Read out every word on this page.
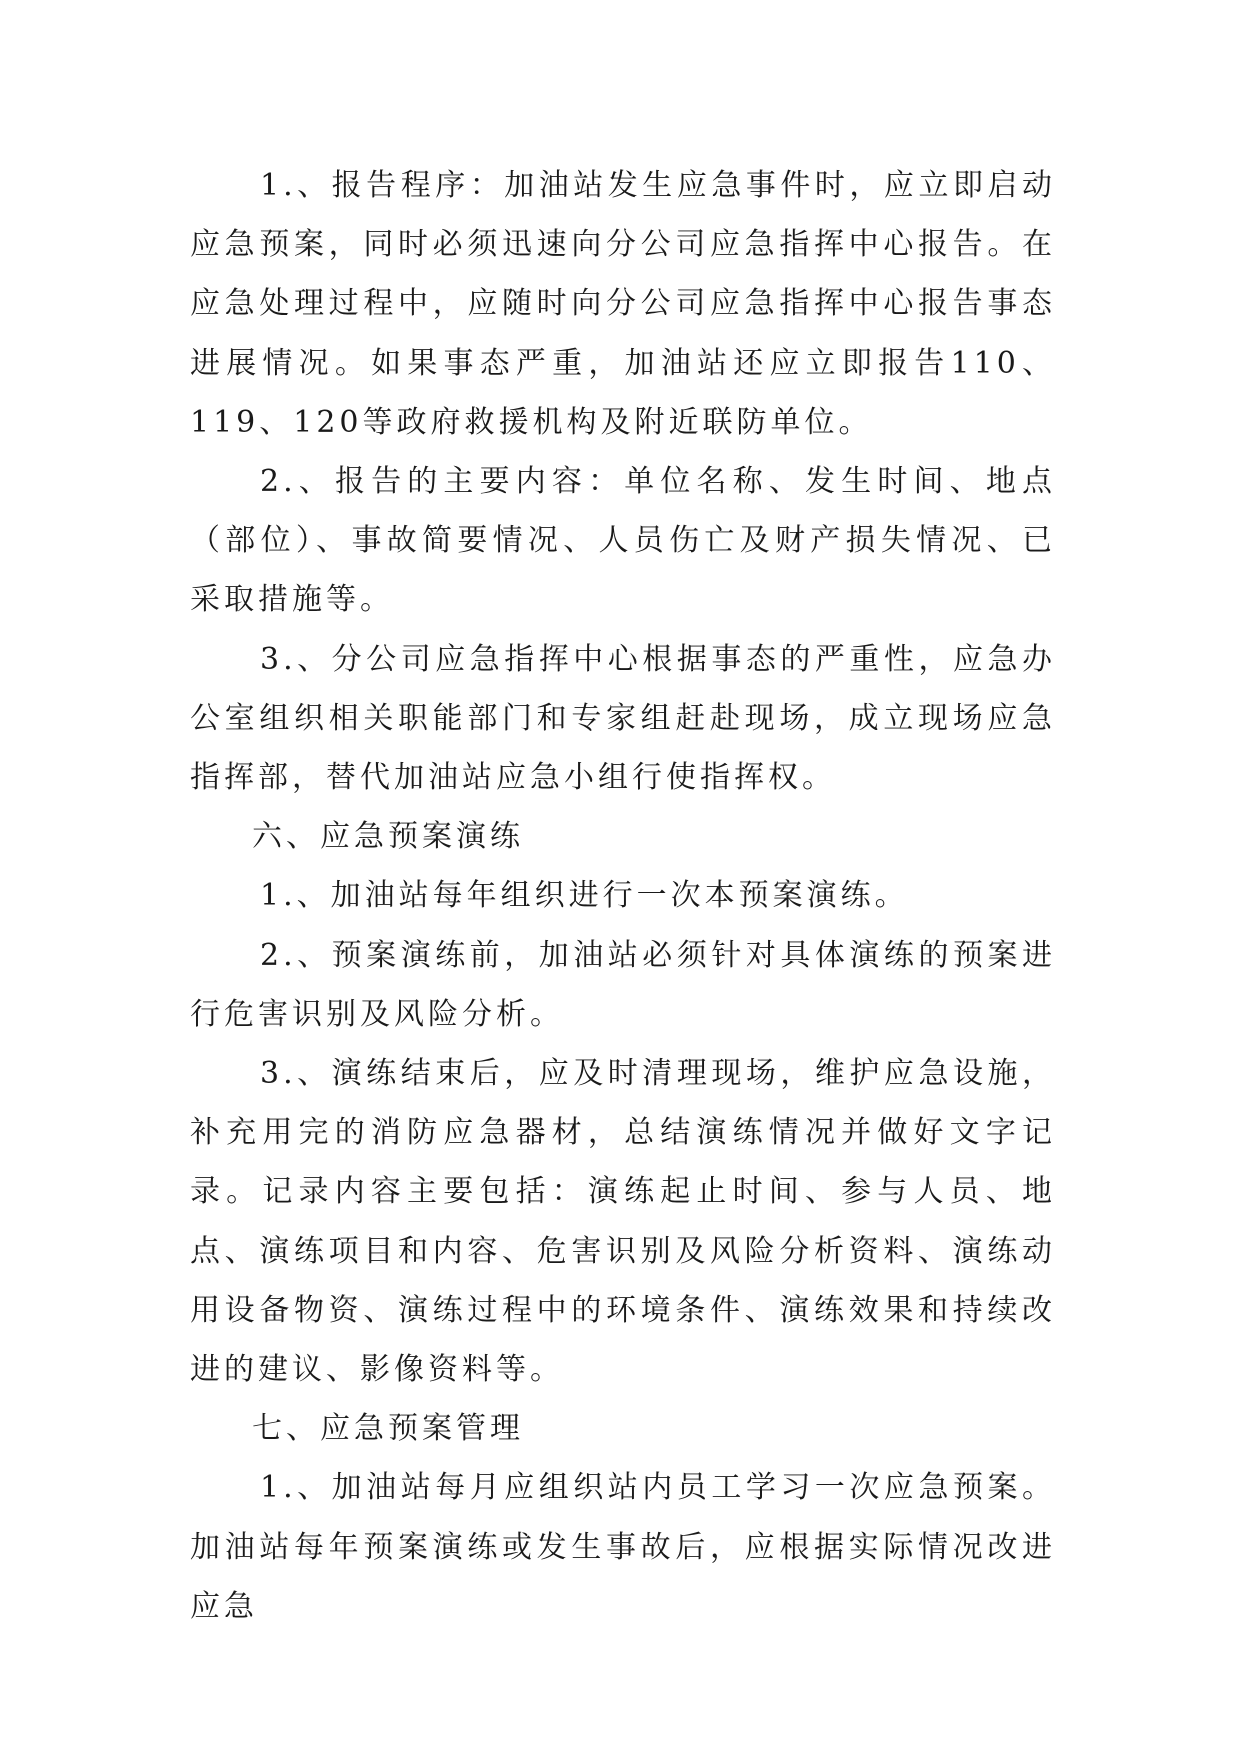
1.、报告程序：加油站发生应急事件时，应立即启动应急预案，同时必须迅速向分公司应急指挥中心报告。在应急处理过程中，应随时向分公司应急指挥中心报告事态进展情况。如果事态严重，加油站还应立即报告110、119、120等政府救援机构及附近联防单位。

2.、报告的主要内容：单位名称、发生时间、地点（部位）、事故简要情况、人员伤亡及财产损失情况、已采取措施等。

3.、分公司应急指挥中心根据事态的严重性，应急办公室组织相关职能部门和专家组赶赴现场，成立现场应急指挥部，替代加油站应急小组行使指挥权。

六、应急预案演练

1.、加油站每年组织进行一次本预案演练。

2.、预案演练前，加油站必须针对具体演练的预案进行危害识别及风险分析。

3.、演练结束后，应及时清理现场，维护应急设施，补充用完的消防应急器材，总结演练情况并做好文字记录。记录内容主要包括：演练起止时间、参与人员、地点、演练项目和内容、危害识别及风险分析资料、演练动用设备物资、演练过程中的环境条件、演练效果和持续改进的建议、影像资料等。

七、应急预案管理

1.、加油站每月应组织站内员工学习一次应急预案。加油站每年预案演练或发生事故后，应根据实际情况改进应急
